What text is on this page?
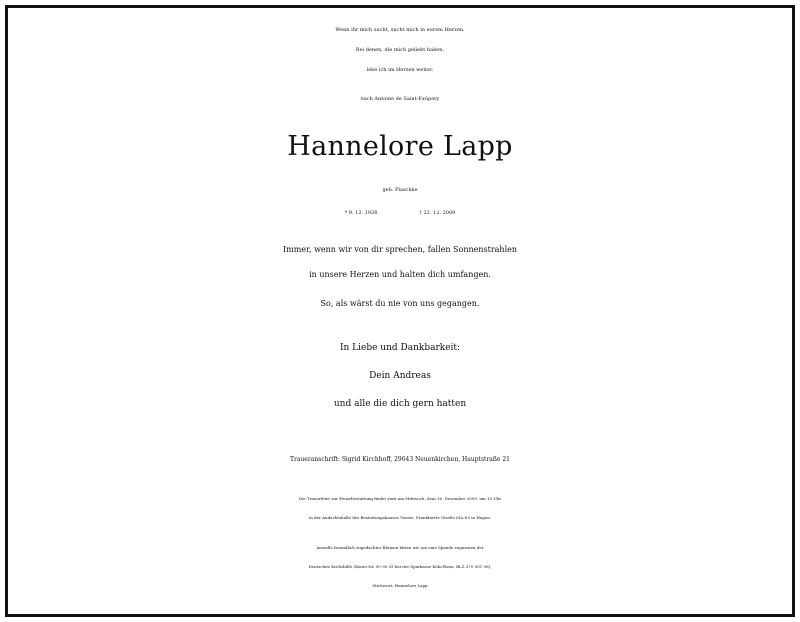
Wenn ihr mich sucht, sucht mich in eurem Herzen.
Bei denen, die mich geliebt haben,
lebe ich im Herzen weiter.
nach Antoine de Saint-Exúpery
Hannelore Lapp
geb. Plaschke
* 9. 12. 1926	† 22. 12. 2009
Immer, wenn wir von dir sprechen, fallen Sonnenstrahlen
in unsere Herzen und halten dich umfangen.
So, als wärst du nie von uns gegangen.
In Liebe und Dankbarkeit:
Dein Andreas
und alle die dich gern hatten
Traueranschrift: Sigrid Kirchhoff, 29643 Neuenkirchen, Hauptstraße 21
Die Trauerfeier zur Feuerbestattung findet statt am Mittwoch, dem 30. Dezember 2009, um 10 Uhr
in der Andachtshalle des Bestattungshauses Voeste, Frankfurter Straße 61a-63 in Hagen.
Anstelle freundlich zugedachter Blumen bitten wir um eine Spende zugunsten der
Deutschen Krebshilfe (Konto-Nr. 90 90 93 bei der Sparkasse Köln-Bonn, BLZ 370 501 98);
Stichwort: Hannelore Lapp
